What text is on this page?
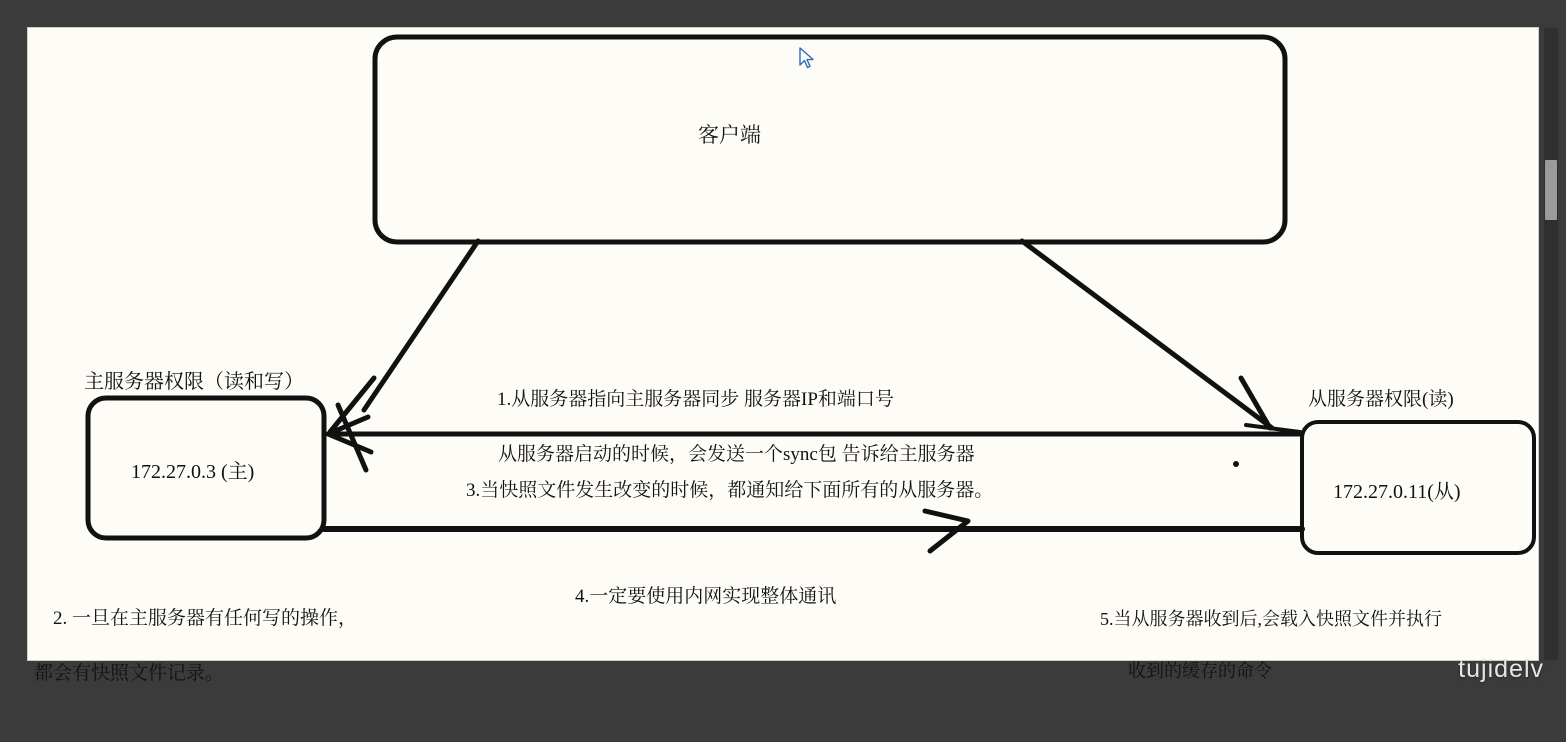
客户端
主服务器权限（读和写）
172.27.0.3 (主)
从服务器权限(读)
172.27.0.11(从)

1.从服务器指向主服务器同步 服务器IP和端口号

从服务器启动的时候，会发送一个sync包 告诉给主服务器

3.当快照文件发生改变的时候，都通知给下面所有的从服务器。

2. 一旦在主服务器有任何写的操作，

都会有快照文件记录。

4.一定要使用内网实现整体通讯

5.当从服务器收到后,会载入快照文件并执行

收到的缓存的命令

	tujidelv
